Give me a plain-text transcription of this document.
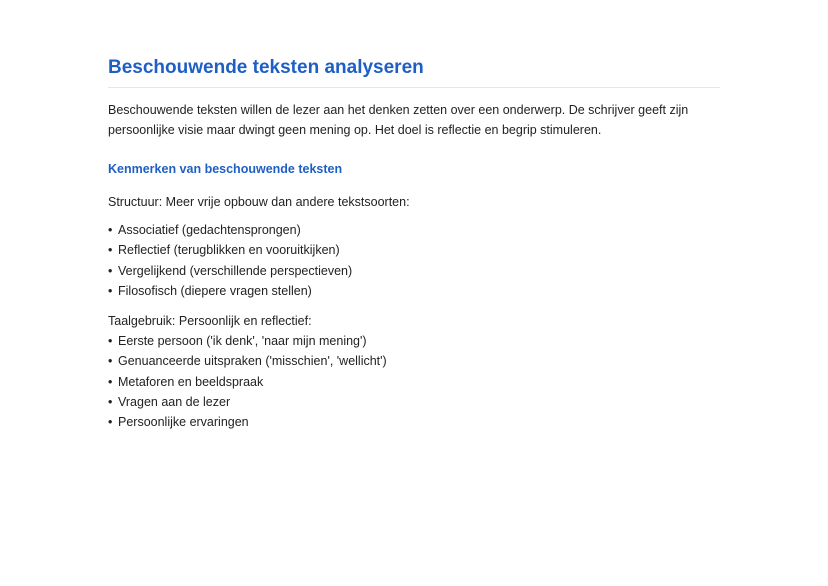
Beschouwende teksten analyseren

Beschouwende teksten willen de lezer aan het denken zetten over een onderwerp. De schrijver geeft zijn persoonlijke visie maar dwingt geen mening op. Het doel is reflectie en begrip stimuleren.

Kenmerken van beschouwende teksten

Structuur: Meer vrije opbouw dan andere tekstsoorten:

• Associatief (gedachtensprongen)
• Reflectief (terugblikken en vooruitkijken)
• Vergelijkend (verschillende perspectieven)
• Filosofisch (diepere vragen stellen)

Taalgebruik: Persoonlijk en reflectief:

• Eerste persoon ('ik denk', 'naar mijn mening')
• Genuanceerde uitspraken ('misschien', 'wellicht')
• Metaforen en beeldspraak
• Vragen aan de lezer
• Persoonlijke ervaringen
